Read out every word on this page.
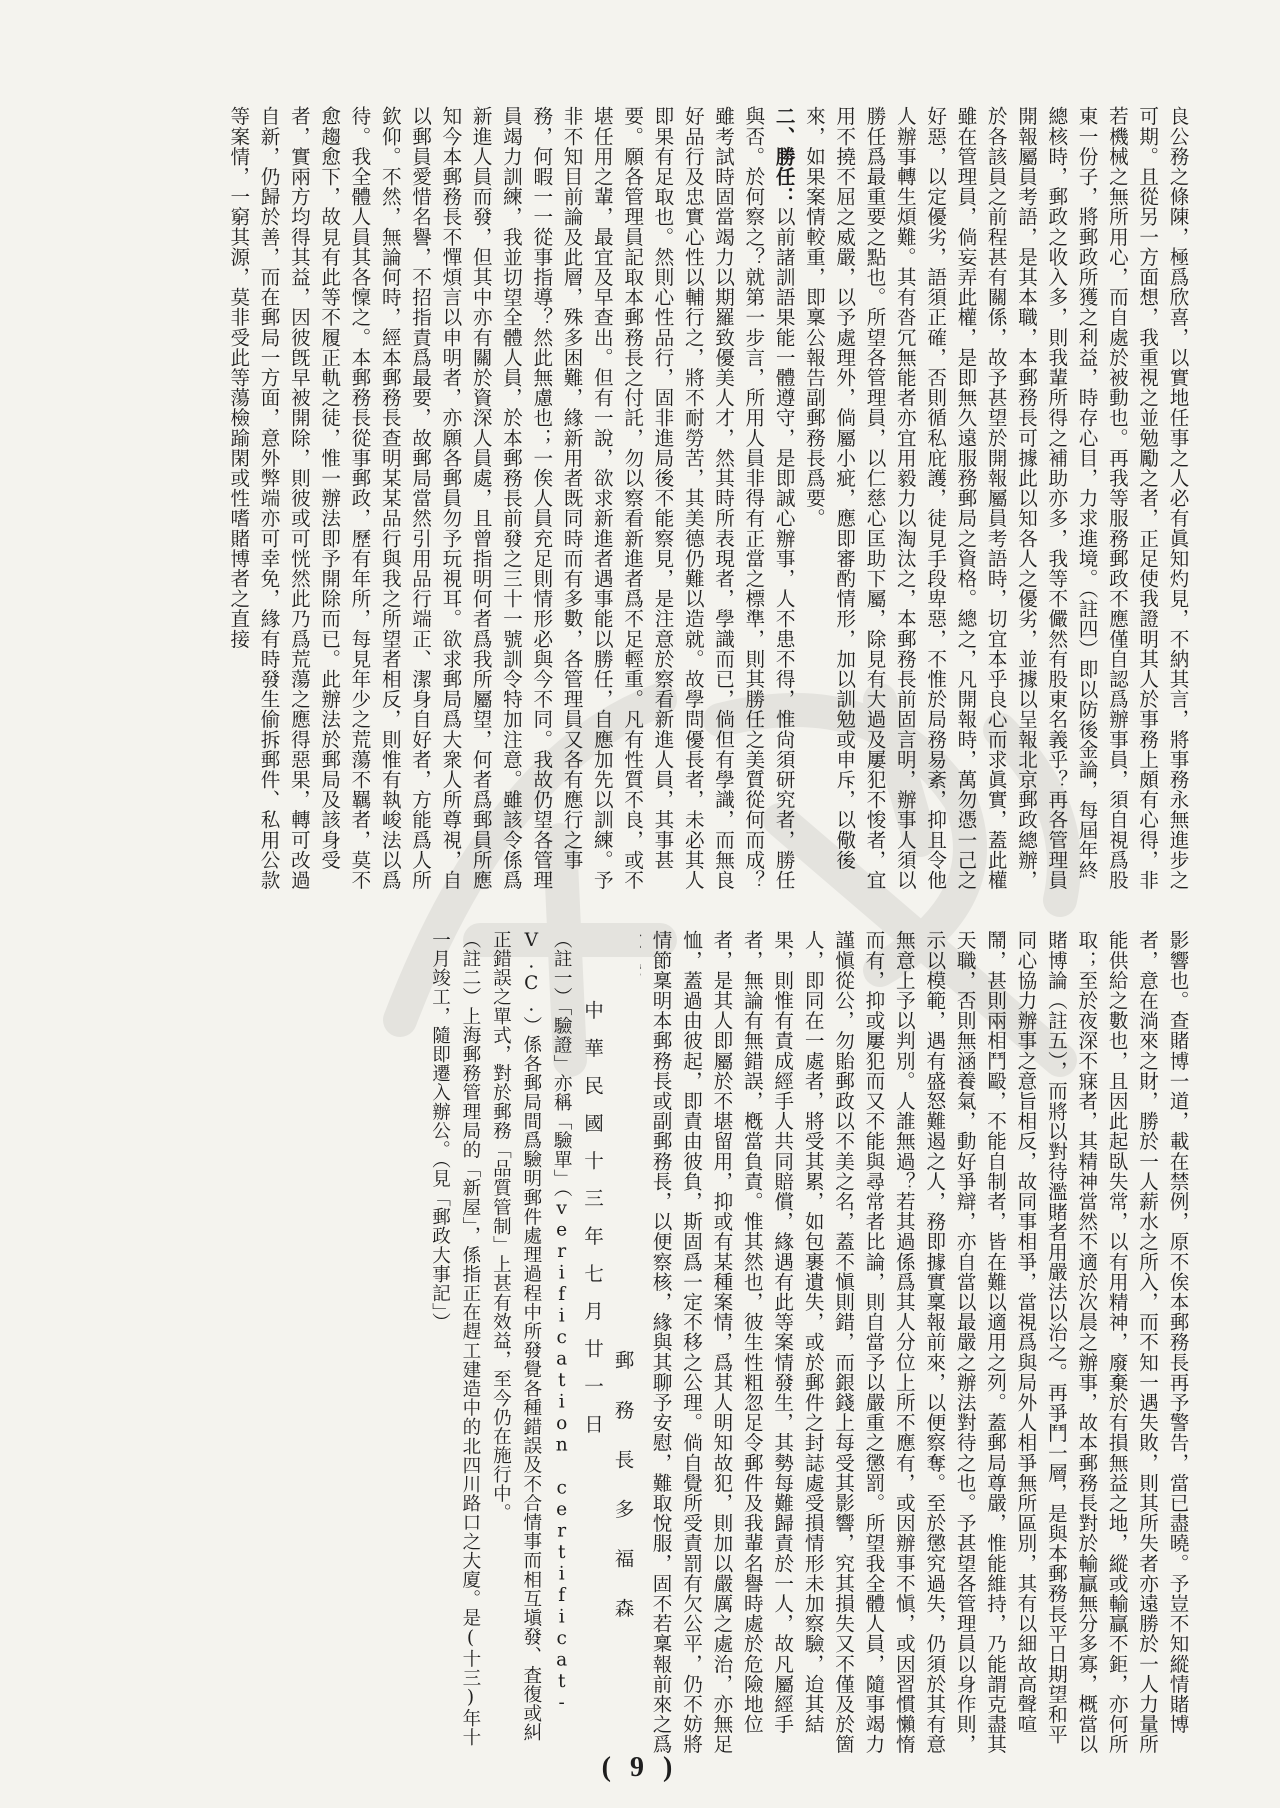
良公務之條陳，極爲欣喜，以實地任事之人必有眞知灼見，不納其言，將事務永無進步之可期。且從另一方面想，我重視之並勉勵之者，正足使我證明其人於事務上頗有心得，非若機械之無所用心，而自處於被動也。再我等服務郵政不應僅自認爲辦事員，須自視爲股東一份子，將郵政所獲之利益，時存心目，力求進境。（註四）即以防後金論，每屆年終總核時，郵政之收入多，則我輩所得之補助亦多，我等不儼然有股東名義乎？再各管理員開報屬員考語，是其本職，本郵務長可據此以知各人之優劣，並據以呈報北京郵政總辦，於各該員之前程甚有關係，故予甚望於開報屬員考語時，切宜本乎良心而求眞實，蓋此權雖在管理員，倘妄弄此權，是即無久遠服務郵局之資格。總之，凡開報時，萬勿憑一己之好惡，以定優劣，語須正確，否則循私庇護，徒見手段卑惡，不惟於局務易紊，抑且令他人辦事轉生煩難。其有沓冗無能者亦宜用毅力以淘汰之，本郵務長前固言明，辦事人須以勝任爲最重要之點也。所望各管理員，以仁慈心匡助下屬，除見有大過及屢犯不悛者，宜用不撓不屈之威嚴，以予處理外，倘屬小疵，應即審酌情形，加以訓勉或申斥，以儆後來，如果案情較重，即稟公報告副郵務長爲要。

二、勝任：以前諸訓語果能一體遵守，是即誠心辦事，人不患不得，惟尙須研究者，勝任與否。於何察之？就第一步言，所用人員非得有正當之標準，則其勝任之美質從何而成？雖考試時固當竭力以期羅致優美人才，然其時所表現者，學識而已，倘但有學識，而無良好品行及忠實心性以輔行之，將不耐勞苦，其美德仍難以造就。故學問優長者，未必其人即果有足取也。然則心性品行，固非進局後不能察見，是注意於察看新進人員，其事甚要。願各管理員記取本郵務長之付託，勿以察看新進者爲不足輕重。凡有性質不良，或不堪任用之輩，最宜及早查出。但有一說，欲求新進者遇事能以勝任，自應加先以訓練。予非不知目前論及此層，殊多困難，緣新用者既同時而有多數，各管理員又各有應行之事務，何暇一一從事指導？然此無慮也；一俟人員充足則情形必與今不同。我故仍望各管理員竭力訓練，我並切望全體人員，於本郵務長前發之三十一號訓令特加注意。雖該令係爲新進人員而發，但其中亦有關於資深人員處，且曾指明何者爲我所屬望，何者爲郵員所應知今本郵務長不憚煩言以申明者，亦願各郵員勿予玩視耳。欲求郵局爲大衆人所尊視，自以郵員愛惜名譽，不招指責爲最要，故郵局當然引用品行端正、潔身自好者，方能爲人所欽仰。不然，無論何時，經本郵務長查明某某品行與我之所望者相反，則惟有執峻法以爲待。我全體人員其各懍之。本郵務長從事郵政，歷有年所，每見年少之荒蕩不羈者，莫不愈趨愈下，故見有此等不履正軌之徒，惟一辦法即予開除而已。此辦法於郵局及該身受者，實兩方均得其益，因彼旣早被開除，則彼或可恍然此乃爲荒蕩之應得惡果，轉可改過自新，仍歸於善，而在郵局一方面，意外弊端亦可幸免，緣有時發生偷拆郵件、私用公款等案情，一窮其源，莫非受此等蕩檢踰閑或性嗜賭博者之直接

影響也。查賭博一道，載在禁例，原不俟本郵務長再予警告，當已盡曉。予豈不知縱情賭博者，意在淌來之財，勝於一人薪水之所入，而不知一遇失敗，則其所失者亦遠勝於一人力量所能供給之數也，且因此起臥失常，以有用精神，廢棄於有損無益之地，縱或輸贏不鉅，亦何所取；至於夜深不寐者，其精神當然不適於次晨之辦事，故本郵務長對於輸贏無分多寡，概當以賭博論（註五），而將以對待濫賭者用嚴法以治之。再爭鬥一層，是與本郵務長平日期望和平同心協力辦事之意旨相反，故同事相爭，當視爲與局外人相爭無所區別，其有以細故高聲喧鬧，甚則兩相鬥毆，不能自制者，皆在難以適用之列。蓋郵局尊嚴，惟能維持，乃能謂克盡其天職，否則無涵養氣，動好爭辯，亦自當以最嚴之辦法對待之也。予甚望各管理員以身作則，示以模範，遇有盛怒難遏之人，務即據實稟報前來，以便察奪。至於懲究過失，仍須於其有意無意上予以判別。人誰無過？若其過係爲其人分位上所不應有，或因辦事不愼，或因習慣懶惰而有，抑或屢犯而又不能與尋常者比論，則自當予以嚴重之懲罰。所望我全體人員，隨事竭力謹愼從公，勿貽郵政以不美之名，蓋不愼則錯，而銀錢上每受其影響，究其損失又不僅及於箇人，即同在一處者，將受其累，如包裹遺失，或於郵件之封誌處受損情形未加察驗，迨其結果，則惟有責成經手人共同賠償，緣遇有此等案情發生，其勢每難歸責於一人，故凡屬經手者，無論有無錯誤，槪當負責。惟其然也，彼生性粗忽足令郵件及我輩名譽時處於危險地位者，是其人即屬於不堪留用，抑或有某種案情，爲其人明知故犯，則加以嚴厲之處治，亦無足恤，蓋過由彼起，即責由彼負，斯固爲一定不移之公理。倘自覺所受責罰有欠公平，仍不妨將情節稟明本郵務長或副郵務長，以便察核，緣與其聊予安慰，難取悅服，固不若稟報前來之爲

郵務長多福森

中華民國十三年七月廿一日

（註一）「驗證」亦稱「驗單」（verification certificat-V.C.）係各郵局間爲驗明郵件處理過程中所發覺各種錯誤及不合情事而相互塡發、査復或糾正錯誤之單式，對於郵務「品質管制」上甚有效益，至今仍在施行中。

（註二）上海郵務管理局的「新屋」，係指正在趕工建造中的北四川路口之大廈。是(十三)年十一月竣工，隨即遷入辦公。（見「郵政大事記」）

( 9 )
